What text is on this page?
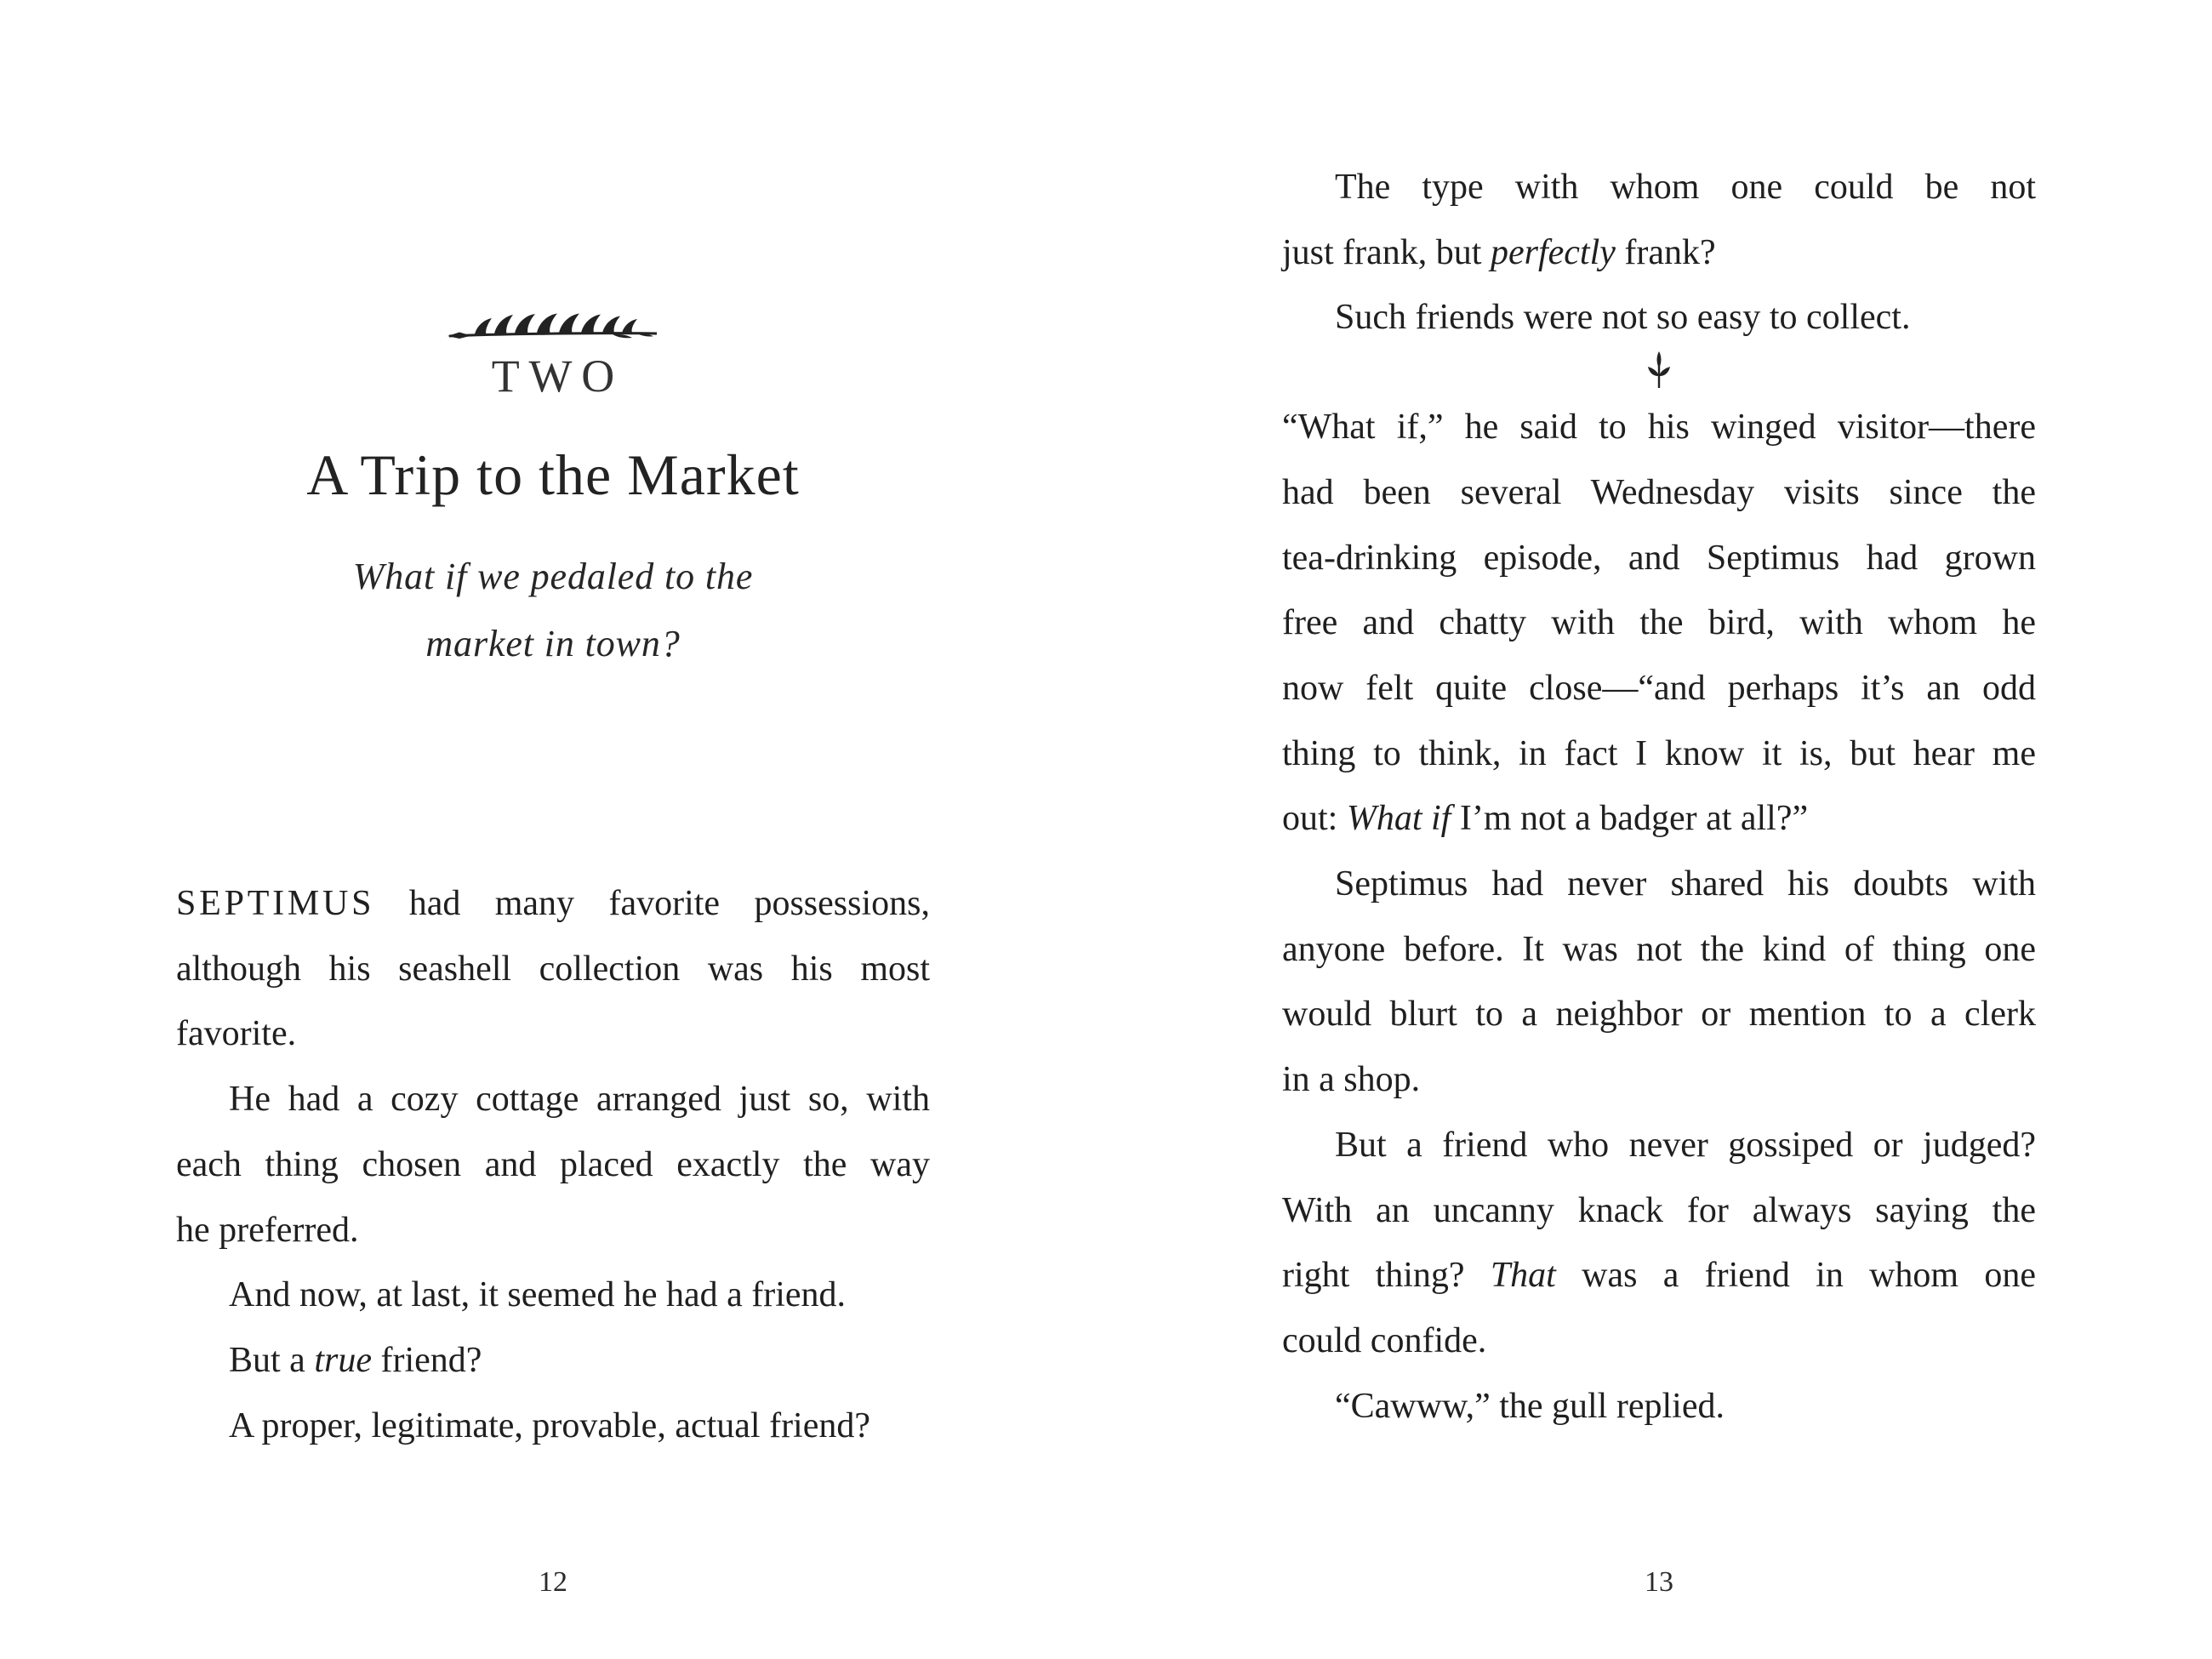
TWO
A Trip to the Market
What if we pedaled to the
market in town?
SEPTIMUS had many favorite possessions,
although his seashell collection was his most
favorite.
He had a cozy cottage arranged just so, with
each thing chosen and placed exactly the way
he preferred.
And now, at last, it seemed he had a friend.
But a true friend?
A proper, legitimate, provable, actual friend?
12
The type with whom one could be not
just frank, but perfectly frank?
Such friends were not so easy to collect.
“What if,” he said to his winged visitor—there
had been several Wednesday visits since the
tea-drinking episode, and Septimus had grown
free and chatty with the bird, with whom he
now felt quite close—“and perhaps it’s an odd
thing to think, in fact I know it is, but hear me
out: What if I’m not a badger at all?”
Septimus had never shared his doubts with
anyone before. It was not the kind of thing one
would blurt to a neighbor or mention to a clerk
in a shop.
But a friend who never gossiped or judged?
With an uncanny knack for always saying the
right thing? That was a friend in whom one
could confide.
“Cawww,” the gull replied.
13
